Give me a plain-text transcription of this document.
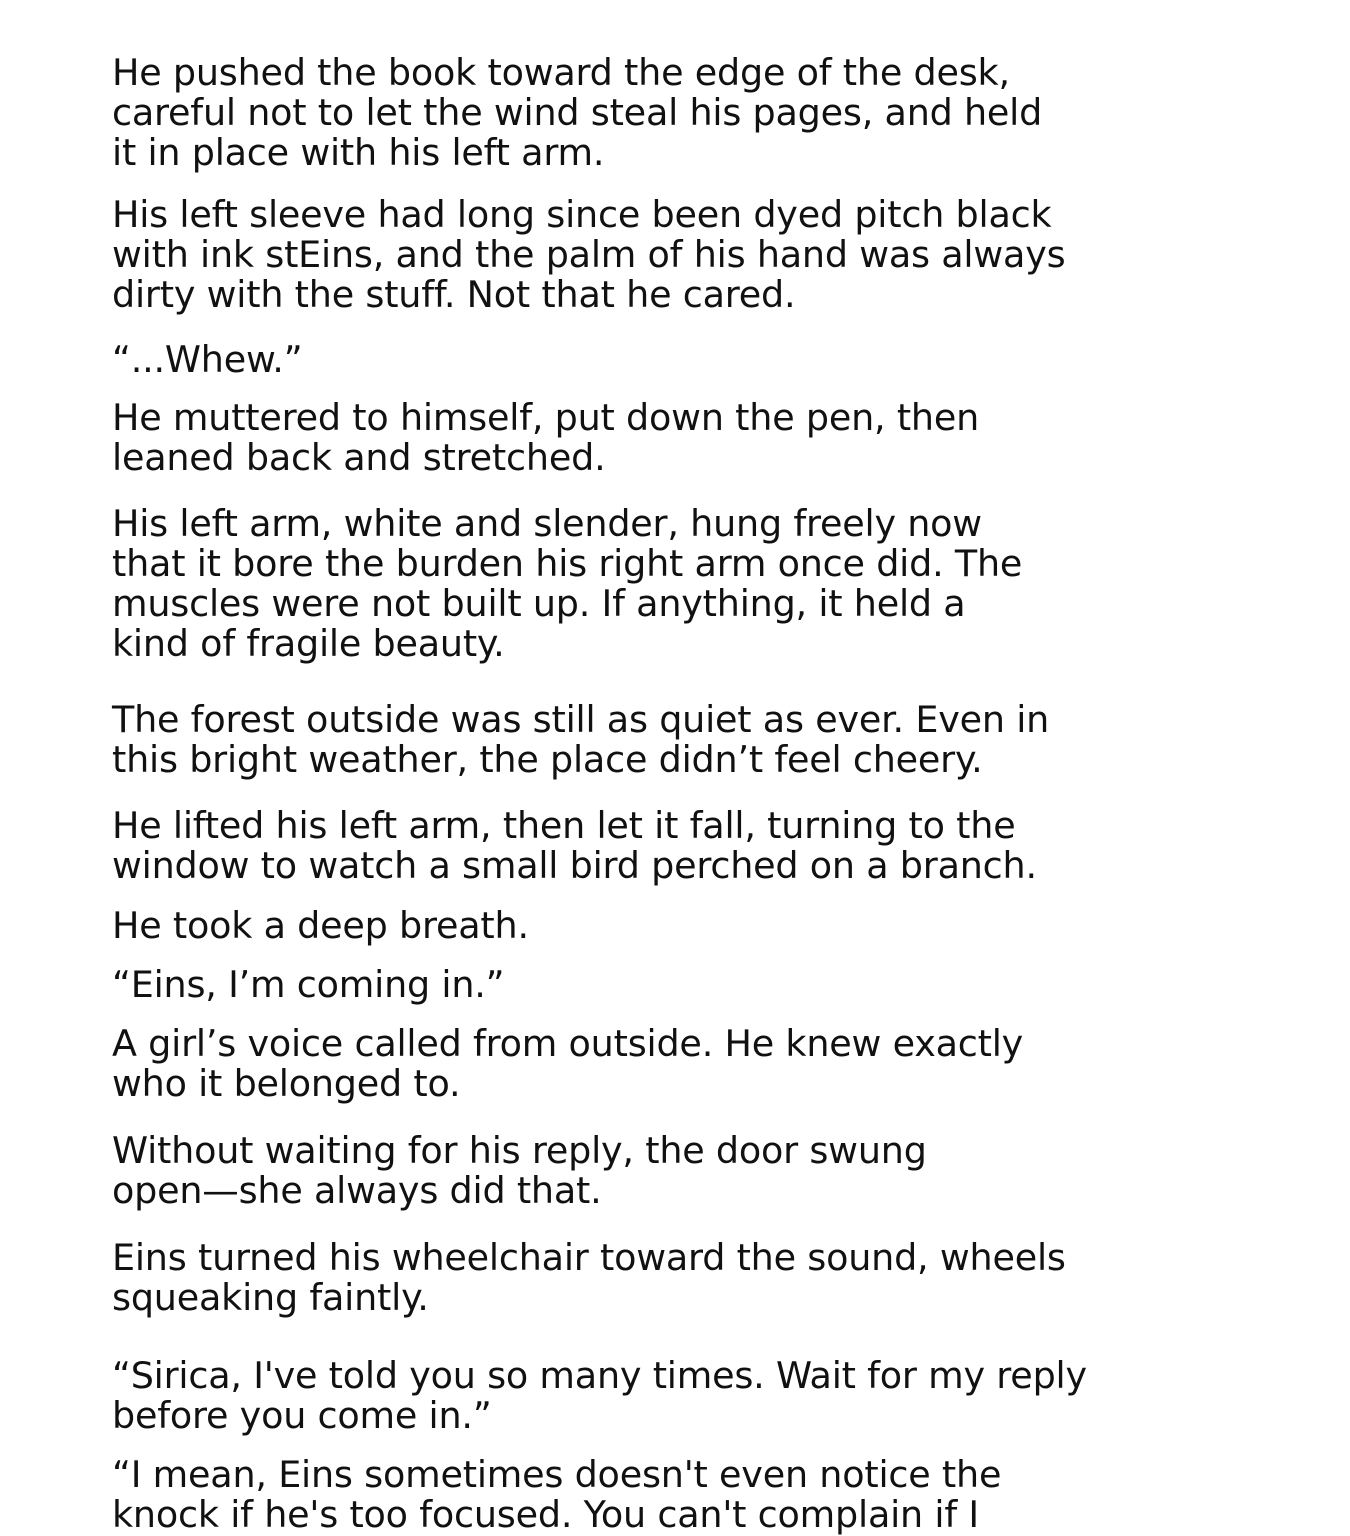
He pushed the book toward the edge of the desk,
careful not to let the wind steal his pages, and held
it in place with his left arm.

His left sleeve had long since been dyed pitch black
with ink stEins, and the palm of his hand was always
dirty with the stuff. Not that he cared.

“...Whew.”

He muttered to himself, put down the pen, then
leaned back and stretched.

His left arm, white and slender, hung freely now
that it bore the burden his right arm once did. The
muscles were not built up. If anything, it held a
kind of fragile beauty.

The forest outside was still as quiet as ever. Even in
this bright weather, the place didn’t feel cheery.

He lifted his left arm, then let it fall, turning to the
window to watch a small bird perched on a branch.

He took a deep breath.

“Eins, I’m coming in.”

A girl’s voice called from outside. He knew exactly
who it belonged to.

Without waiting for his reply, the door swung
open—she always did that.

Eins turned his wheelchair toward the sound, wheels
squeaking faintly.

“Sirica, I've told you so many times. Wait for my reply
before you come in.”

“I mean, Eins sometimes doesn't even notice the
knock if he's too focused. You can't complain if I
